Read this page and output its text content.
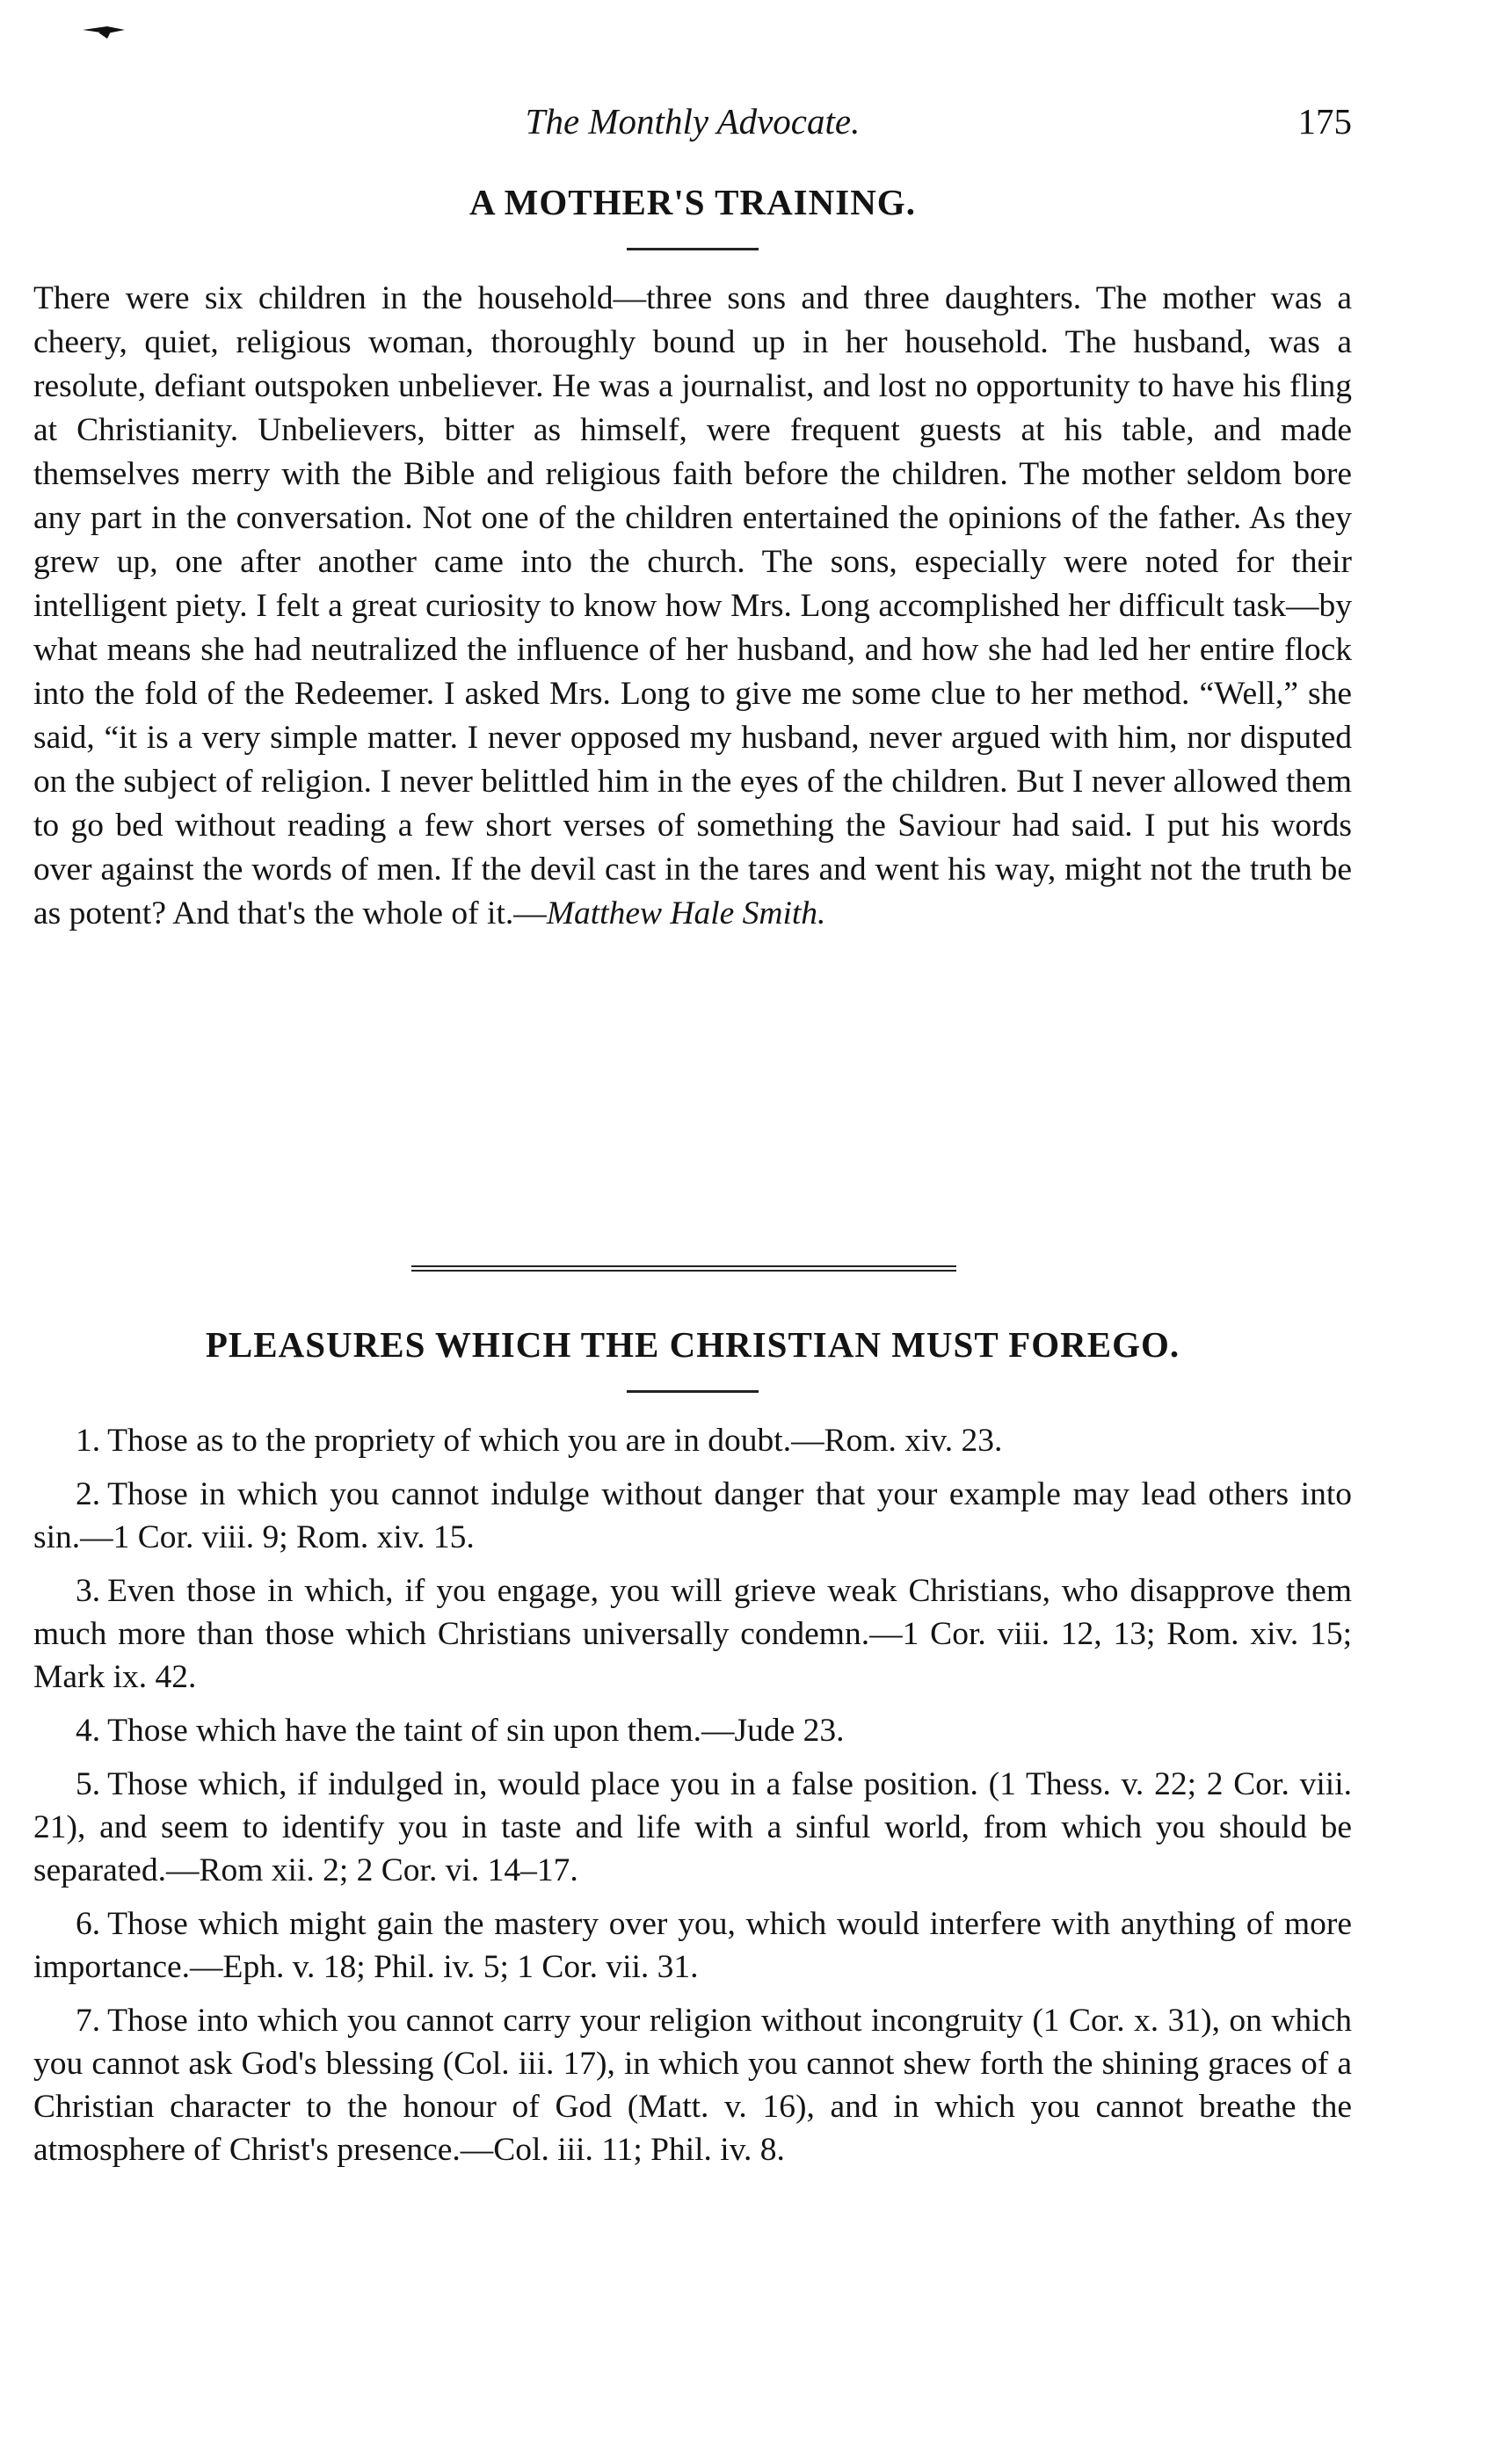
The Monthly Advocate.	175
A MOTHER'S TRAINING.

There were six children in the household—three sons and three daughters. The mother was a cheery, quiet, religious woman, thoroughly bound up in her household. The husband, was a resolute, defiant outspoken unbeliever. He was a journalist, and lost no opportunity to have his fling at Christianity. Unbelievers, bitter as himself, were frequent guests at his table, and made themselves merry with the Bible and religious faith before the children. The mother seldom bore any part in the conversation. Not one of the children entertained the opinions of the father. As they grew up, one after another came into the church. The sons, especially were noted for their intelligent piety. I felt a great curiosity to know how Mrs. Long accomplished her difficult task—by what means she had neutralized the influence of her husband, and how she had led her entire flock into the fold of the Redeemer. I asked Mrs. Long to give me some clue to her method. “Well,” she said, “it is a very simple matter. I never opposed my husband, never argued with him, nor disputed on the subject of religion. I never belittled him in the eyes of the children. But I never allowed them to go bed without reading a few short verses of something the Saviour had said. I put his words over against the words of men. If the devil cast in the tares and went his way, might not the truth be as potent? And that's the whole of it.—Matthew Hale Smith.

PLEASURES WHICH THE CHRISTIAN MUST FOREGO.

1. Those as to the propriety of which you are in doubt.—Rom. xiv. 23.

2. Those in which you cannot indulge without danger that your example may lead others into sin.—1 Cor. viii. 9; Rom. xiv. 15.

3. Even those in which, if you engage, you will grieve weak Christians, who disapprove them much more than those which Christians universally condemn.—1 Cor. viii. 12, 13; Rom. xiv. 15; Mark ix. 42.

4. Those which have the taint of sin upon them.—Jude 23.

5. Those which, if indulged in, would place you in a false position. (1 Thess. v. 22; 2 Cor. viii. 21), and seem to identify you in taste and life with a sinful world, from which you should be separated.—Rom xii. 2; 2 Cor. vi. 14–17.

6. Those which might gain the mastery over you, which would interfere with anything of more importance.—Eph. v. 18; Phil. iv. 5; 1 Cor. vii. 31.

7. Those into which you cannot carry your religion without incongruity (1 Cor. x. 31), on which you cannot ask God's blessing (Col. iii. 17), in which you cannot shew forth the shining graces of a Christian character to the honour of God (Matt. v. 16), and in which you cannot breathe the atmosphere of Christ's presence.—Col. iii. 11; Phil. iv. 8.
